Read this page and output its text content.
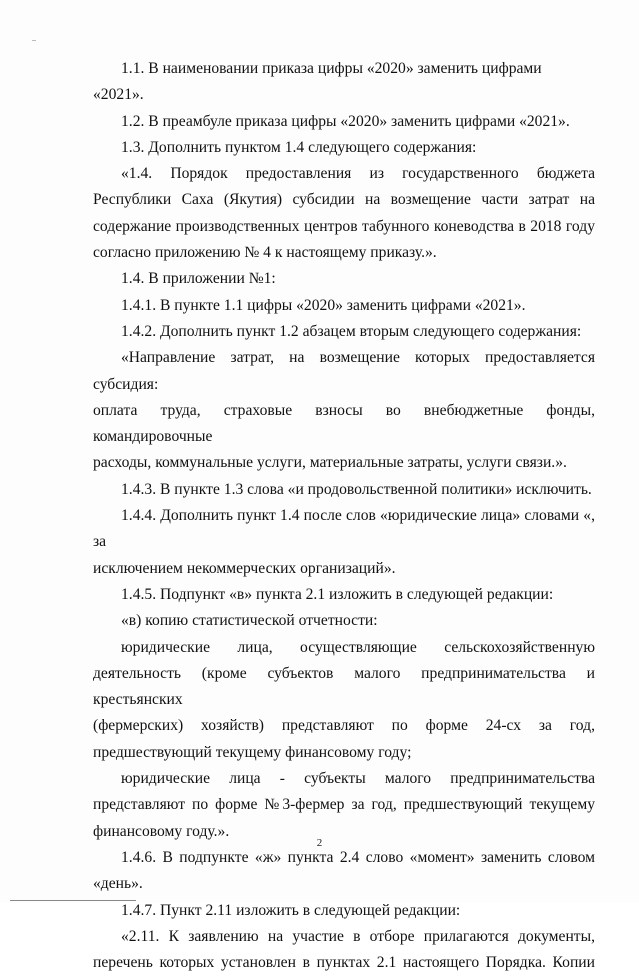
1.1. В наименовании приказа цифры «2020» заменить цифрами «2021».
1.2. В преамбуле приказа цифры «2020» заменить цифрами «2021».
1.3. Дополнить пунктом 1.4 следующего содержания:
«1.4. Порядок предоставления из государственного бюджета
Республики Саха (Якутия) субсидии на возмещение части затрат на
содержание производственных центров табунного коневодства в 2018 году
согласно приложению № 4 к настоящему приказу.».
1.4. В приложении №1:
1.4.1. В пункте 1.1 цифры «2020» заменить цифрами «2021».
1.4.2. Дополнить пункт 1.2 абзацем вторым следующего содержания:
«Направление затрат, на возмещение которых предоставляется субсидия:
оплата труда, страховые взносы во внебюджетные фонды, командировочные
расходы, коммунальные услуги, материальные затраты, услуги связи.».
1.4.3. В пункте 1.3 слова «и продовольственной политики» исключить.
1.4.4. Дополнить пункт 1.4 после слов «юридические лица» словами «, за
исключением некоммерческих организаций».
1.4.5. Подпункт «в» пункта 2.1 изложить в следующей редакции:
«в) копию статистической отчетности:
юридические лица, осуществляющие сельскохозяйственную
деятельность (кроме субъектов малого предпринимательства и крестьянских
(фермерских) хозяйств) представляют по форме 24-сх за год,
предшествующий текущему финансовому году;
юридические лица - субъекты малого предпринимательства
представляют по форме №3-фермер за год, предшествующий текущему
финансовому году.».
1.4.6. В подпункте «ж» пункта 2.4 слово «момент» заменить словом
«день».
1.4.7. Пункт 2.11 изложить в следующей редакции:
«2.11. К заявлению на участие в отборе прилагаются документы,
перечень которых установлен в пунктах 2.1 настоящего Порядка. Копии
2
